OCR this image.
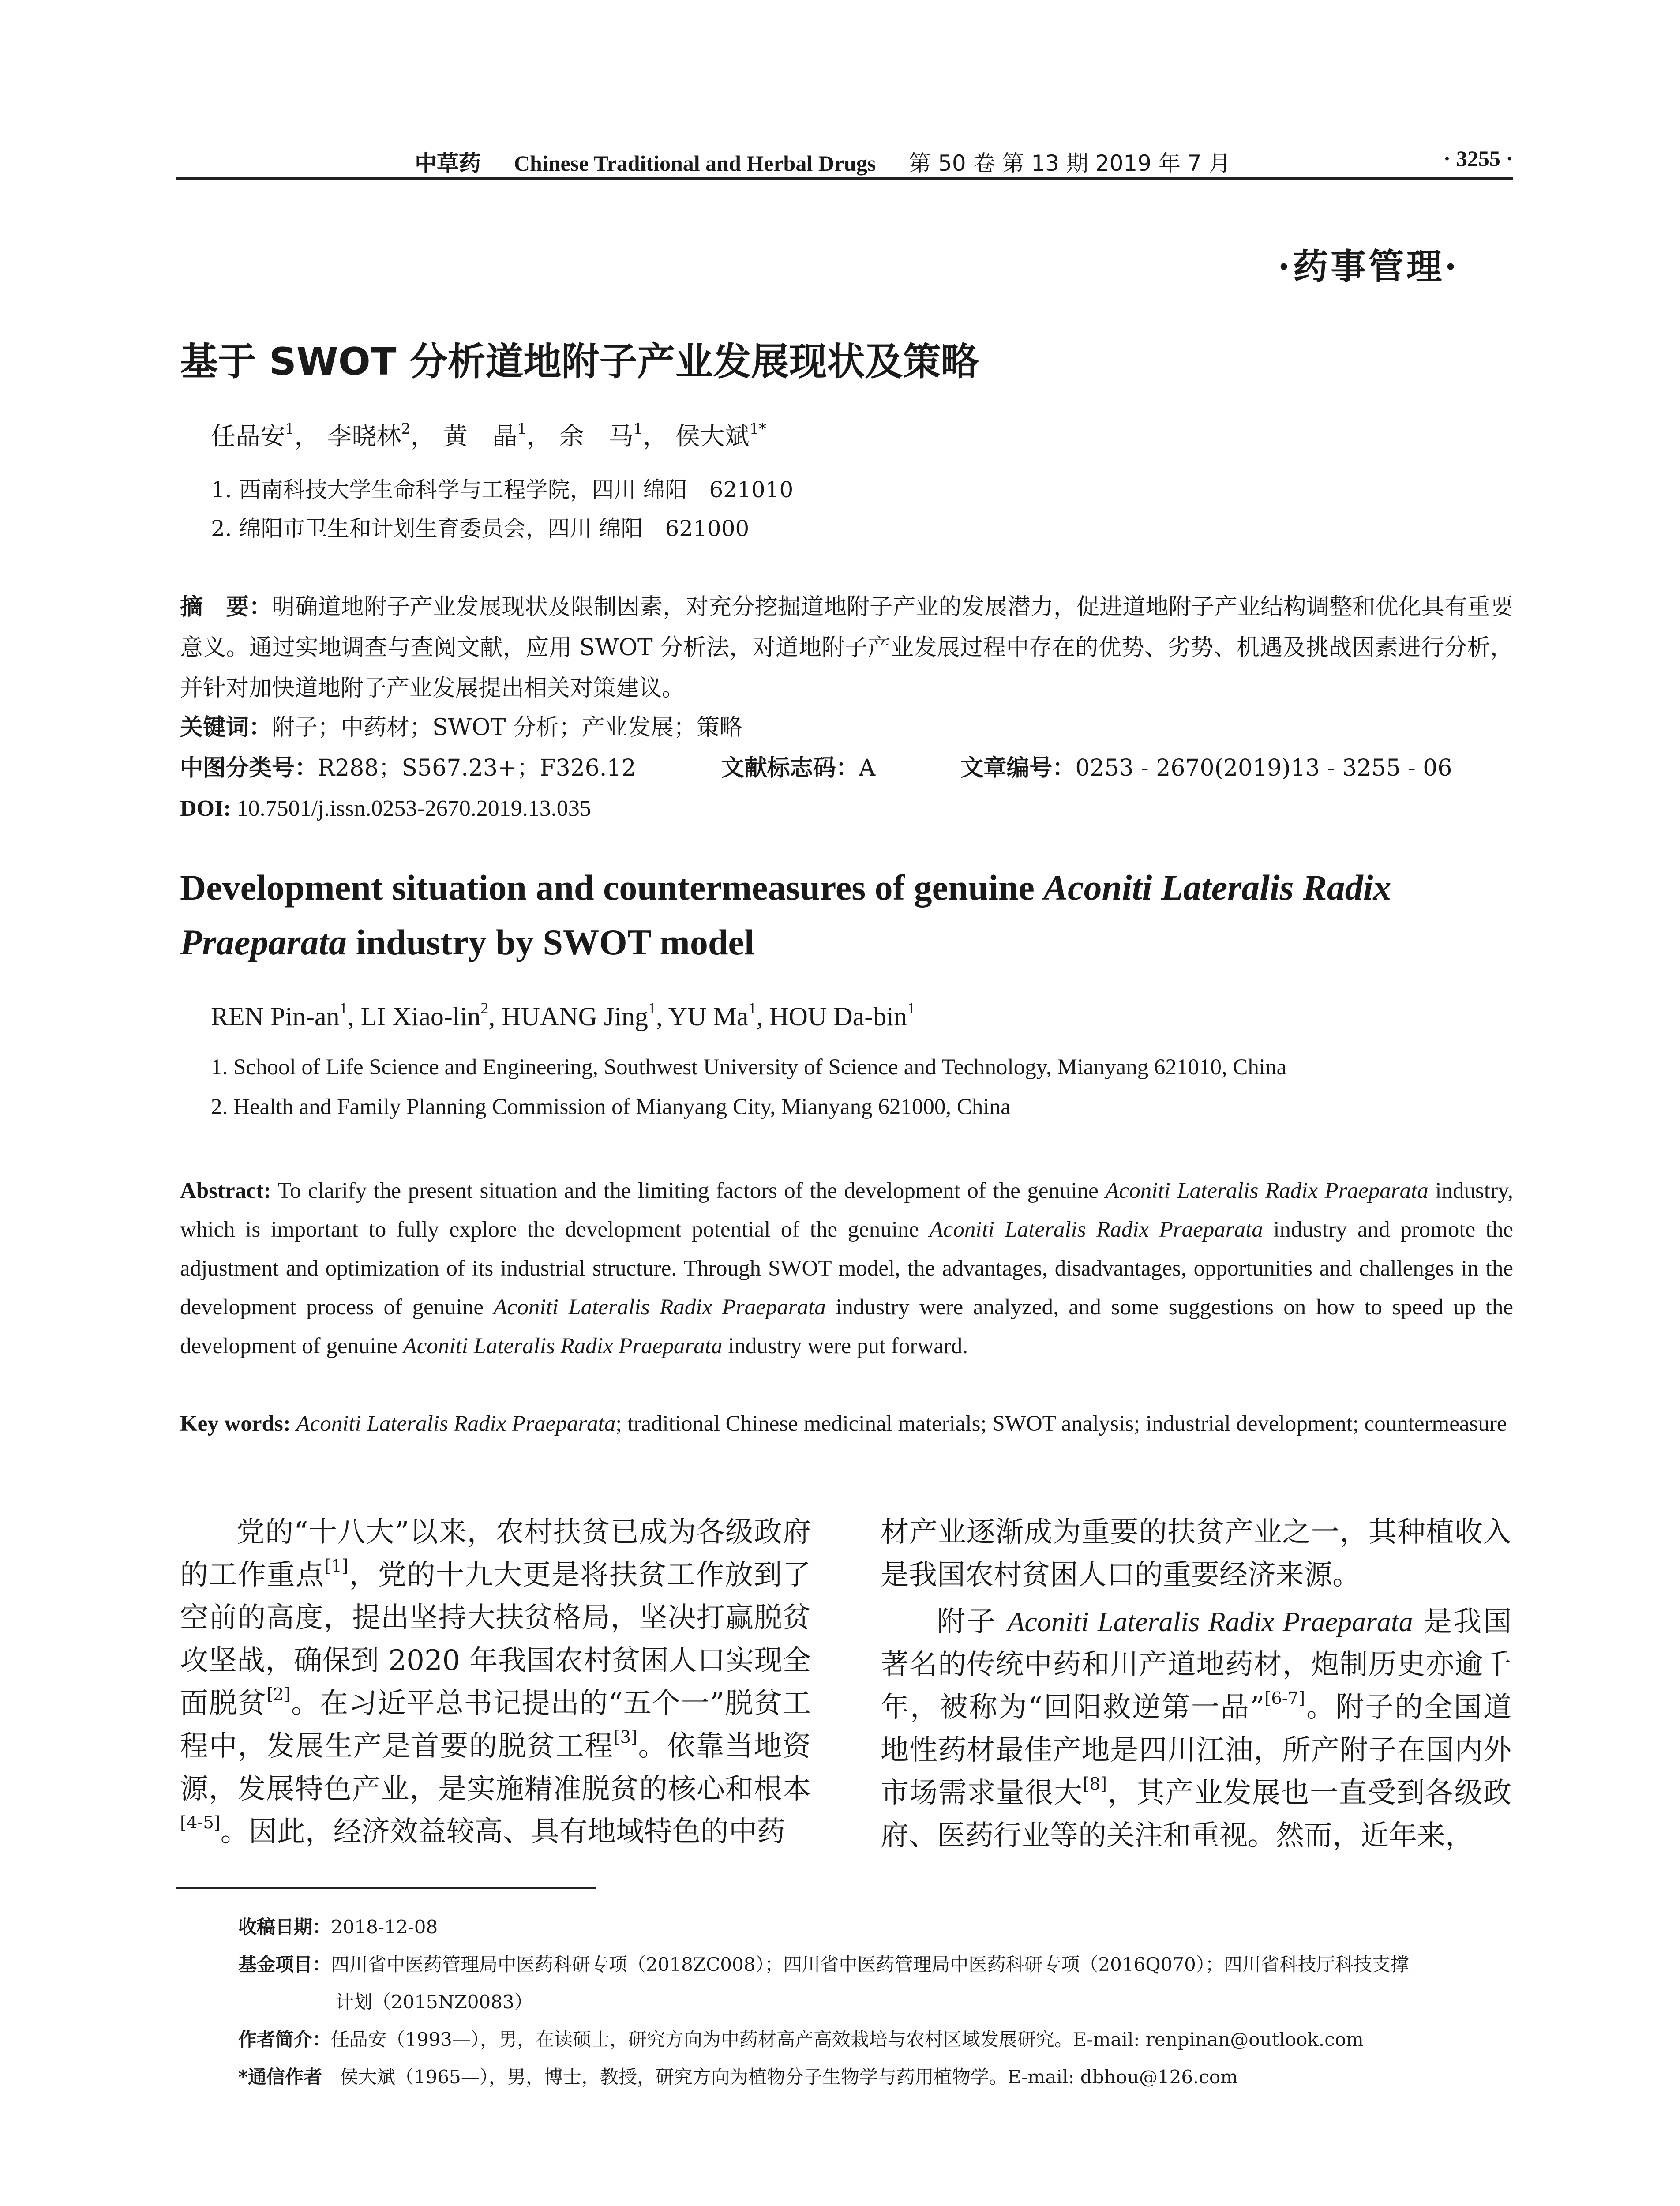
中草药 Chinese Traditional and Herbal Drugs 第 50 卷 第 13 期 2019 年 7 月	· 3255 ·
·药事管理·
基于 SWOT 分析道地附子产业发展现状及策略
任品安$^1$， 李晓林$^2$， 黄　晶$^1$， 余　马$^1$， 侯大斌$^{1*}$
1. 西南科技大学生命科学与工程学院，四川 绵阳　621010
2. 绵阳市卫生和计划生育委员会，四川 绵阳　621000
摘　要：明确道地附子产业发展现状及限制因素，对充分挖掘道地附子产业的发展潜力，促进道地附子产业结构调整和优化具有重要意义。通过实地调查与查阅文献，应用 SWOT 分析法，对道地附子产业发展过程中存在的优势、劣势、机遇及挑战因素进行分析，并针对加快道地附子产业发展提出相关对策建议。
关键词：附子；中药材；SWOT 分析；产业发展；策略
中图分类号：R288；S567.23+；F326.12	文献标志码：A	文章编号：0253 - 2670(2019)13 - 3255 - 06
DOI: 10.7501/j.issn.0253-2670.2019.13.035
Development situation and countermeasures of genuine Aconiti Lateralis Radix Praeparata industry by SWOT model
REN Pin-$an^1$, LI Xiao-lin$^2$, HUANG Jing$^1$, YU Ma$^1$, HOU Da-bin$^1$
1. School of Life Science and Engineering, Southwest University of Science and Technology, Mianyang 621010, China
2. Health and Family Planning Commission of Mianyang City, Mianyang 621000, China
Abstract: To clarify the present situation and the limiting factors of the development of the genuine Aconiti Lateralis Radix Praeparata industry, which is important to fully explore the development potential of the genuine Aconiti Lateralis Radix Praeparata industry and promote the adjustment and optimization of its industrial structure. Through SWOT model, the advantages, disadvantages, opportunities and challenges in the development process of genuine Aconiti Lateralis Radix Praeparata industry were analyzed, and some suggestions on how to speed up the development of genuine Aconiti Lateralis Radix Praeparata industry were put forward.
Key words: Aconiti Lateralis Radix Praeparata; traditional Chinese medicinal materials; SWOT analysis; industrial development; countermeasure
党的“十八大”以来，农村扶贫已成为各级政府的工作重点[1]，党的十九大更是将扶贫工作放到了空前的高度，提出坚持大扶贫格局，坚决打赢脱贫攻坚战，确保到 2020 年我国农村贫困人口实现全面脱贫[2]。在习近平总书记提出的“五个一”脱贫工程中，发展生产是首要的脱贫工程[3]。依靠当地资源，发展特色产业，是实施精准脱贫的核心和根本[4-5]。因此，经济效益较高、具有地域特色的中药
材产业逐渐成为重要的扶贫产业之一，其种植收入是我国农村贫困人口的重要经济来源。
附子 Aconiti Lateralis Radix Praeparata 是我国著名的传统中药和川产道地药材，炮制历史亦逾千年，被称为“回阳救逆第一品”[6-7]。附子的全国道地性药材最佳产地是四川江油，所产附子在国内外市场需求量很大[8]，其产业发展也一直受到各级政府、医药行业等的关注和重视。然而，近年来，
收稿日期：2018-12-08
基金项目：四川省中医药管理局中医药科研专项（2018ZC008）；四川省中医药管理局中医药科研专项（2016Q070）；四川省科技厅科技支撑
计划（2015NZ0083）
作者简介：任品安（1993—），男，在读硕士，研究方向为中药材高产高效栽培与农村区域发展研究。E-mail: renpinan@outlook.com
*通信作者 侯大斌（1965—），男，博士，教授，研究方向为植物分子生物学与药用植物学。E-mail: dbhou@126.com
